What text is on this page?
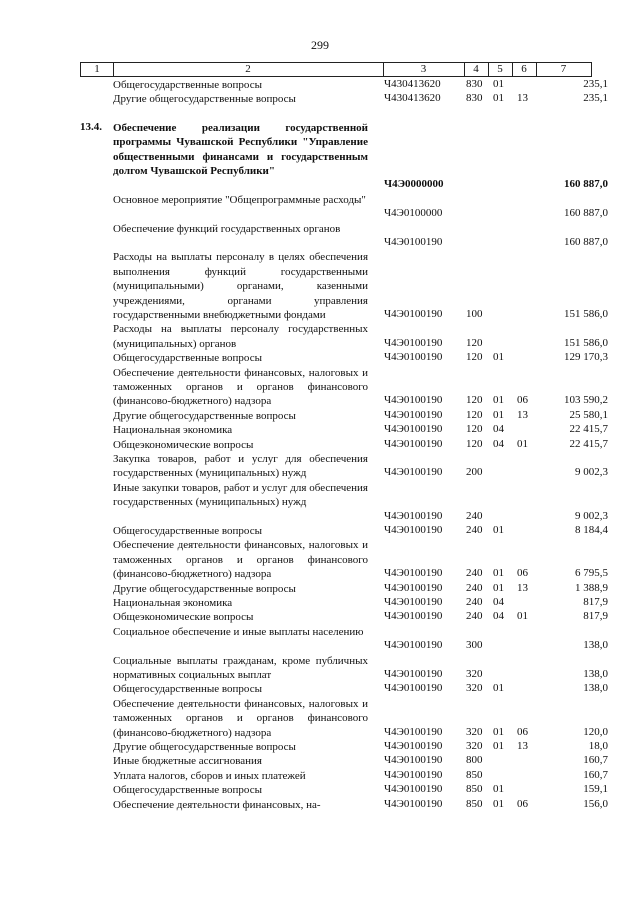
299
1	2	3	4	5	6	7
Общегосударственные вопросы	Ч430413620 830 01	235,1
Другие общегосударственные вопросы	Ч430413620 830 01 13	235,1
13.4. Обеспечение реализации государственной программы Чувашской Республики "Управление общественными финансами и государственным долгом Чувашской Республики"
Ч4Э0000000	160 887,0
Основное мероприятие "Общепрограммные расходы"
Ч4Э0100000	160 887,0
Обеспечение функций государственных органов
Ч4Э0100190	160 887,0
Расходы на выплаты персоналу в целях обеспечения выполнения функций государственными (муниципальными) органами, казенными учреждениями, органами управления государственными внебюджетными фондами	Ч4Э0100190 100	151 586,0
Расходы на выплаты персоналу государственных (муниципальных) органов	Ч4Э0100190 120	151 586,0
Общегосударственные вопросы	Ч4Э0100190 120 01	129 170,3
Обеспечение деятельности финансовых, налоговых и таможенных органов и органов финансового (финансово-бюджетного) надзора	Ч4Э0100190 120 01 06	103 590,2
Другие общегосударственные вопросы	Ч4Э0100190 120 01 13	25 580,1
Национальная экономика	Ч4Э0100190 120 04	22 415,7
Общеэкономические вопросы	Ч4Э0100190 120 04 01	22 415,7
Закупка товаров, работ и услуг для обеспечения государственных (муниципальных) нужд	Ч4Э0100190 200	9 002,3
Иные закупки товаров, работ и услуг для обеспечения государственных (муниципальных) нужд
Ч4Э0100190 240	9 002,3
Общегосударственные вопросы	Ч4Э0100190 240 01	8 184,4
Обеспечение деятельности финансовых, налоговых и таможенных органов и органов финансового (финансово-бюджетного) надзора	Ч4Э0100190 240 01 06	6 795,5
Другие общегосударственные вопросы	Ч4Э0100190 240 01 13	1 388,9
Национальная экономика	Ч4Э0100190 240 04	817,9
Общеэкономические вопросы	Ч4Э0100190 240 04 01	817,9
Социальное обеспечение и иные выплаты населению
Ч4Э0100190 300	138,0
Социальные выплаты гражданам, кроме публичных нормативных социальных выплат	Ч4Э0100190 320	138,0
Общегосударственные вопросы	Ч4Э0100190 320 01	138,0
Обеспечение деятельности финансовых, налоговых и таможенных органов и органов финансового (финансово-бюджетного) надзора	Ч4Э0100190 320 01 06	120,0
Другие общегосударственные вопросы	Ч4Э0100190 320 01 13	18,0
Иные бюджетные ассигнования	Ч4Э0100190 800	160,7
Уплата налогов, сборов и иных платежей	Ч4Э0100190 850	160,7
Общегосударственные вопросы	Ч4Э0100190 850 01	159,1
Обеспечение деятельности финансовых, на-	Ч4Э0100190 850 01 06	156,0
